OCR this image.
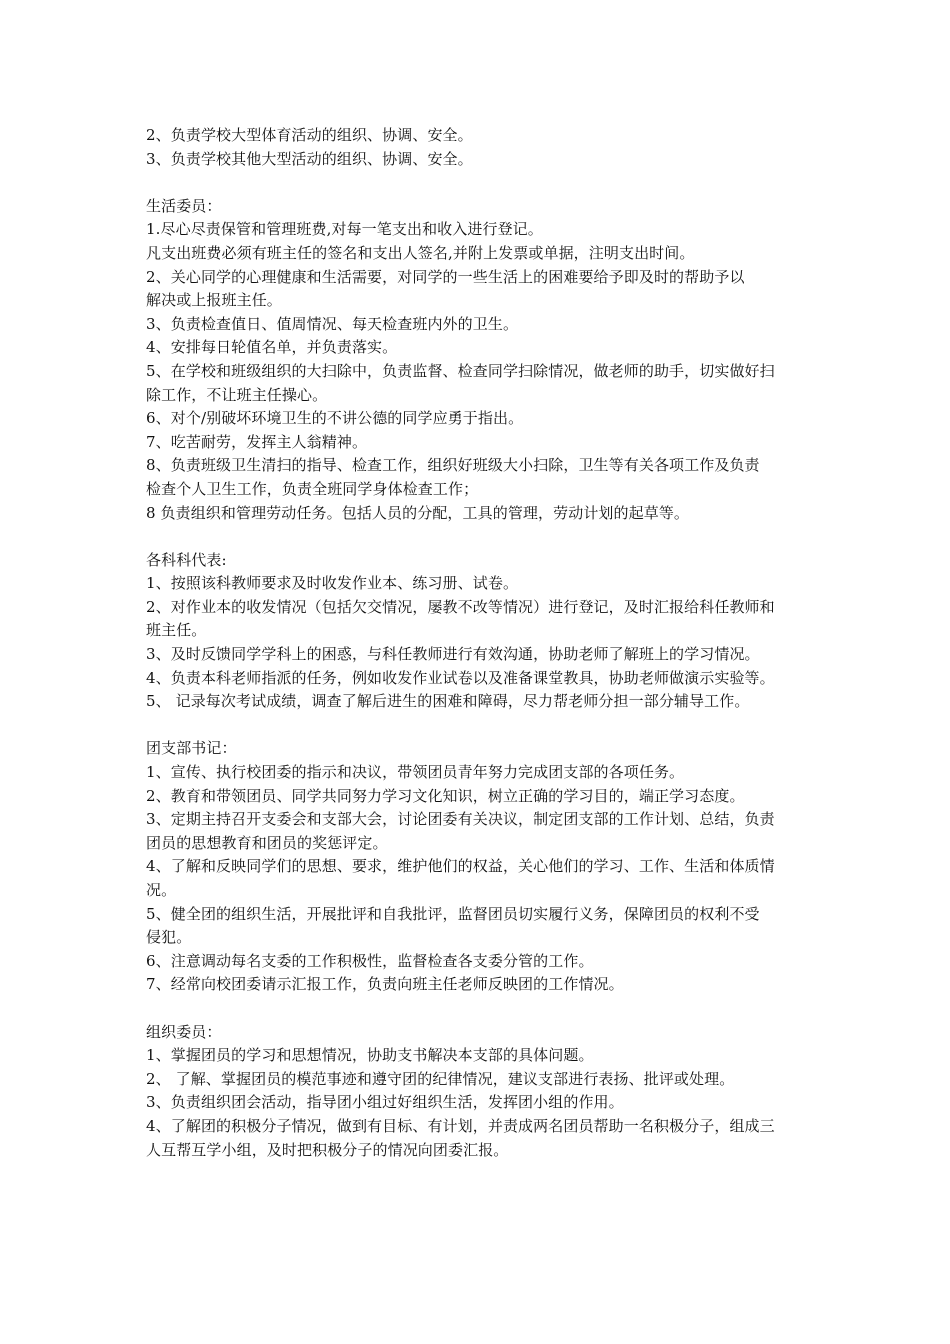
2、负责学校大型体育活动的组织、协调、安全。
3、负责学校其他大型活动的组织、协调、安全。
生活委员：
1.尽心尽责保管和管理班费,对每一笔支出和收入进行登记。
凡支出班费必须有班主任的签名和支出人签名,并附上发票或单据，注明支出时间。
2、关心同学的心理健康和生活需要，对同学的一些生活上的困难要给予即及时的帮助予以
解决或上报班主任。
3、负责检查值日、值周情况、每天检查班内外的卫生。
4、安排每日轮值名单，并负责落实。
5、在学校和班级组织的大扫除中，负责监督、检查同学扫除情况，做老师的助手，切实做好扫
除工作，不让班主任操心。
6、对个/别破坏环境卫生的不讲公德的同学应勇于指出。
7、吃苦耐劳，发挥主人翁精神。
8、负责班级卫生清扫的指导、检查工作，组织好班级大小扫除，卫生等有关各项工作及负责
检查个人卫生工作，负责全班同学身体检查工作；
8 负责组织和管理劳动任务。包括人员的分配，工具的管理，劳动计划的起草等。
各科科代表:
1、按照该科教师要求及时收发作业本、练习册、试卷。
2、对作业本的收发情况（包括欠交情况，屡教不改等情况）进行登记，及时汇报给科任教师和
班主任。
3、及时反馈同学学科上的困惑，与科任教师进行有效沟通，协助老师了解班上的学习情况。
4、负责本科老师指派的任务，例如收发作业试卷以及准备课堂教具，协助老师做演示实验等。
5、 记录每次考试成绩，调查了解后进生的困难和障碍，尽力帮老师分担一部分辅导工作。
团支部书记：
1、宣传、执行校团委的指示和决议，带领团员青年努力完成团支部的各项任务。
2、教育和带领团员、同学共同努力学习文化知识，树立正确的学习目的，端正学习态度。
3、定期主持召开支委会和支部大会，讨论团委有关决议，制定团支部的工作计划、总结，负责
团员的思想教育和团员的奖惩评定。
4、了解和反映同学们的思想、要求，维护他们的权益，关心他们的学习、工作、生活和体质情
况。
5、健全团的组织生活，开展批评和自我批评，监督团员切实履行义务，保障团员的权利不受
侵犯。
6、注意调动每名支委的工作积极性，监督检查各支委分管的工作。
7、经常向校团委请示汇报工作，负责向班主任老师反映团的工作情况。
组织委员：
1、掌握团员的学习和思想情况，协助支书解决本支部的具体问题。
2、 了解、掌握团员的模范事迹和遵守团的纪律情况，建议支部进行表扬、批评或处理。
3、负责组织团会活动，指导团小组过好组织生活，发挥团小组的作用。
4、了解团的积极分子情况，做到有目标、有计划，并责成两名团员帮助一名积极分子，组成三
人互帮互学小组，及时把积极分子的情况向团委汇报。
